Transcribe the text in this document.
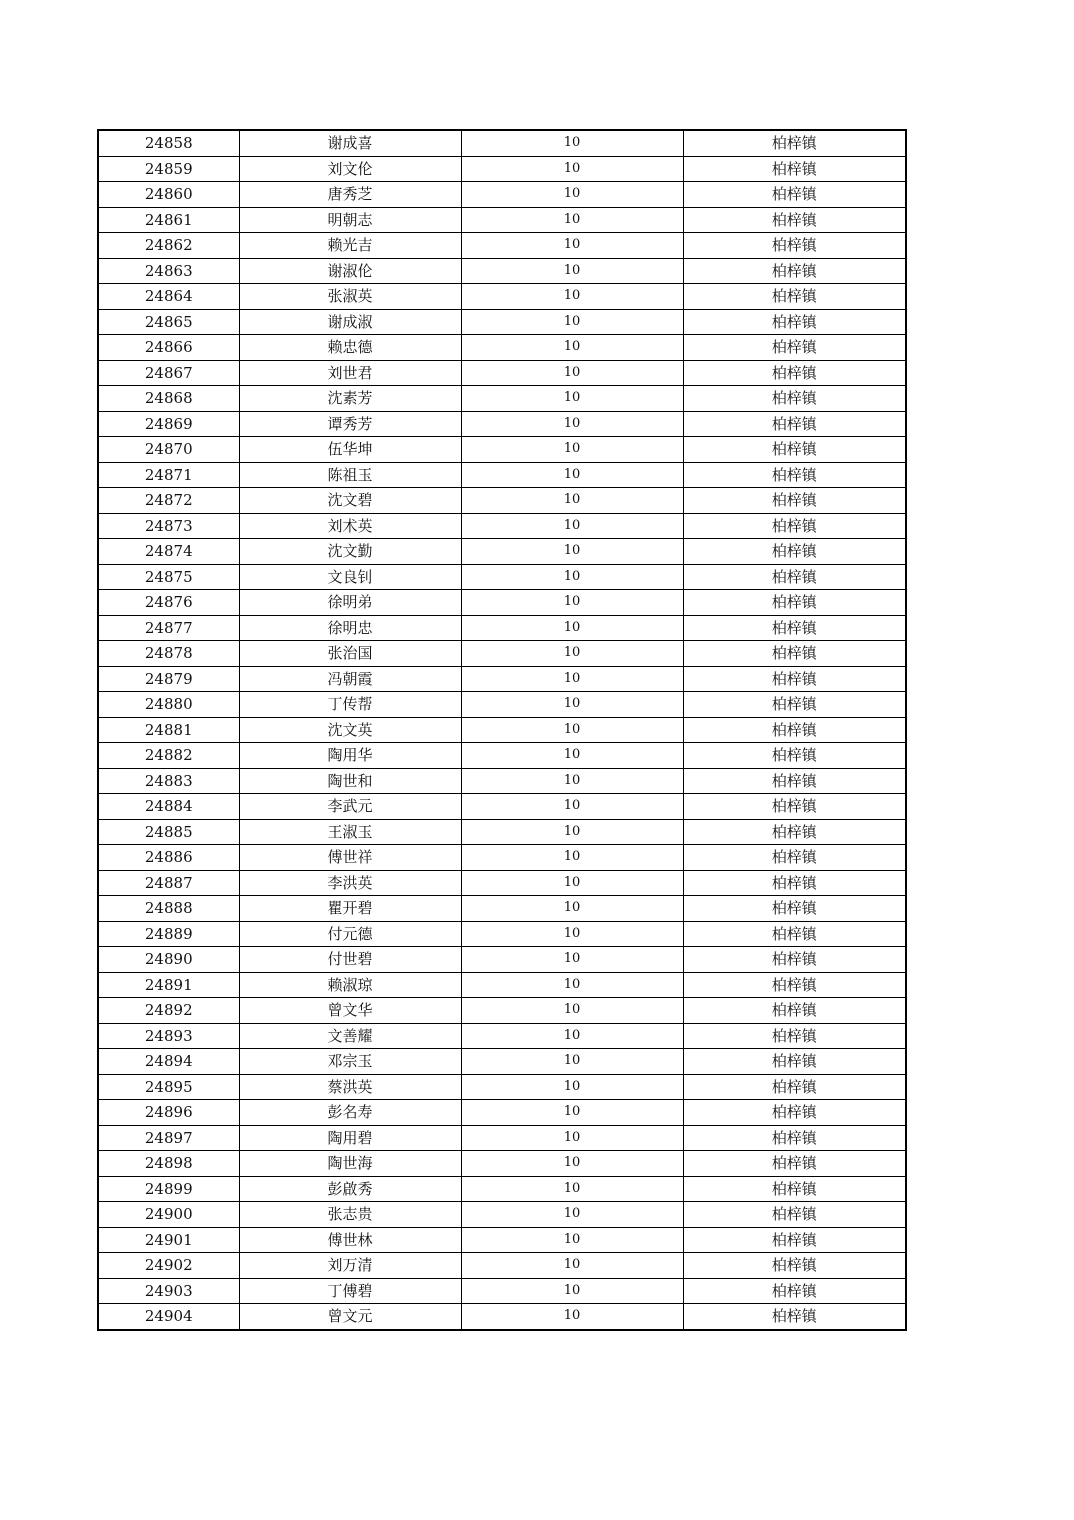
24858	谢成喜	10	柏梓镇
24859	刘文伦	10	柏梓镇
24860	唐秀芝	10	柏梓镇
24861	明朝志	10	柏梓镇
24862	赖光吉	10	柏梓镇
24863	谢淑伦	10	柏梓镇
24864	张淑英	10	柏梓镇
24865	谢成淑	10	柏梓镇
24866	赖忠德	10	柏梓镇
24867	刘世君	10	柏梓镇
24868	沈素芳	10	柏梓镇
24869	谭秀芳	10	柏梓镇
24870	伍华坤	10	柏梓镇
24871	陈祖玉	10	柏梓镇
24872	沈文碧	10	柏梓镇
24873	刘术英	10	柏梓镇
24874	沈文勤	10	柏梓镇
24875	文良钊	10	柏梓镇
24876	徐明弟	10	柏梓镇
24877	徐明忠	10	柏梓镇
24878	张治国	10	柏梓镇
24879	冯朝霞	10	柏梓镇
24880	丁传帮	10	柏梓镇
24881	沈文英	10	柏梓镇
24882	陶用华	10	柏梓镇
24883	陶世和	10	柏梓镇
24884	李武元	10	柏梓镇
24885	王淑玉	10	柏梓镇
24886	傅世祥	10	柏梓镇
24887	李洪英	10	柏梓镇
24888	瞿开碧	10	柏梓镇
24889	付元德	10	柏梓镇
24890	付世碧	10	柏梓镇
24891	赖淑琼	10	柏梓镇
24892	曾文华	10	柏梓镇
24893	文善耀	10	柏梓镇
24894	邓宗玉	10	柏梓镇
24895	蔡洪英	10	柏梓镇
24896	彭名寿	10	柏梓镇
24897	陶用碧	10	柏梓镇
24898	陶世海	10	柏梓镇
24899	彭啟秀	10	柏梓镇
24900	张志贵	10	柏梓镇
24901	傅世林	10	柏梓镇
24902	刘万清	10	柏梓镇
24903	丁傅碧	10	柏梓镇
24904	曾文元	10	柏梓镇
